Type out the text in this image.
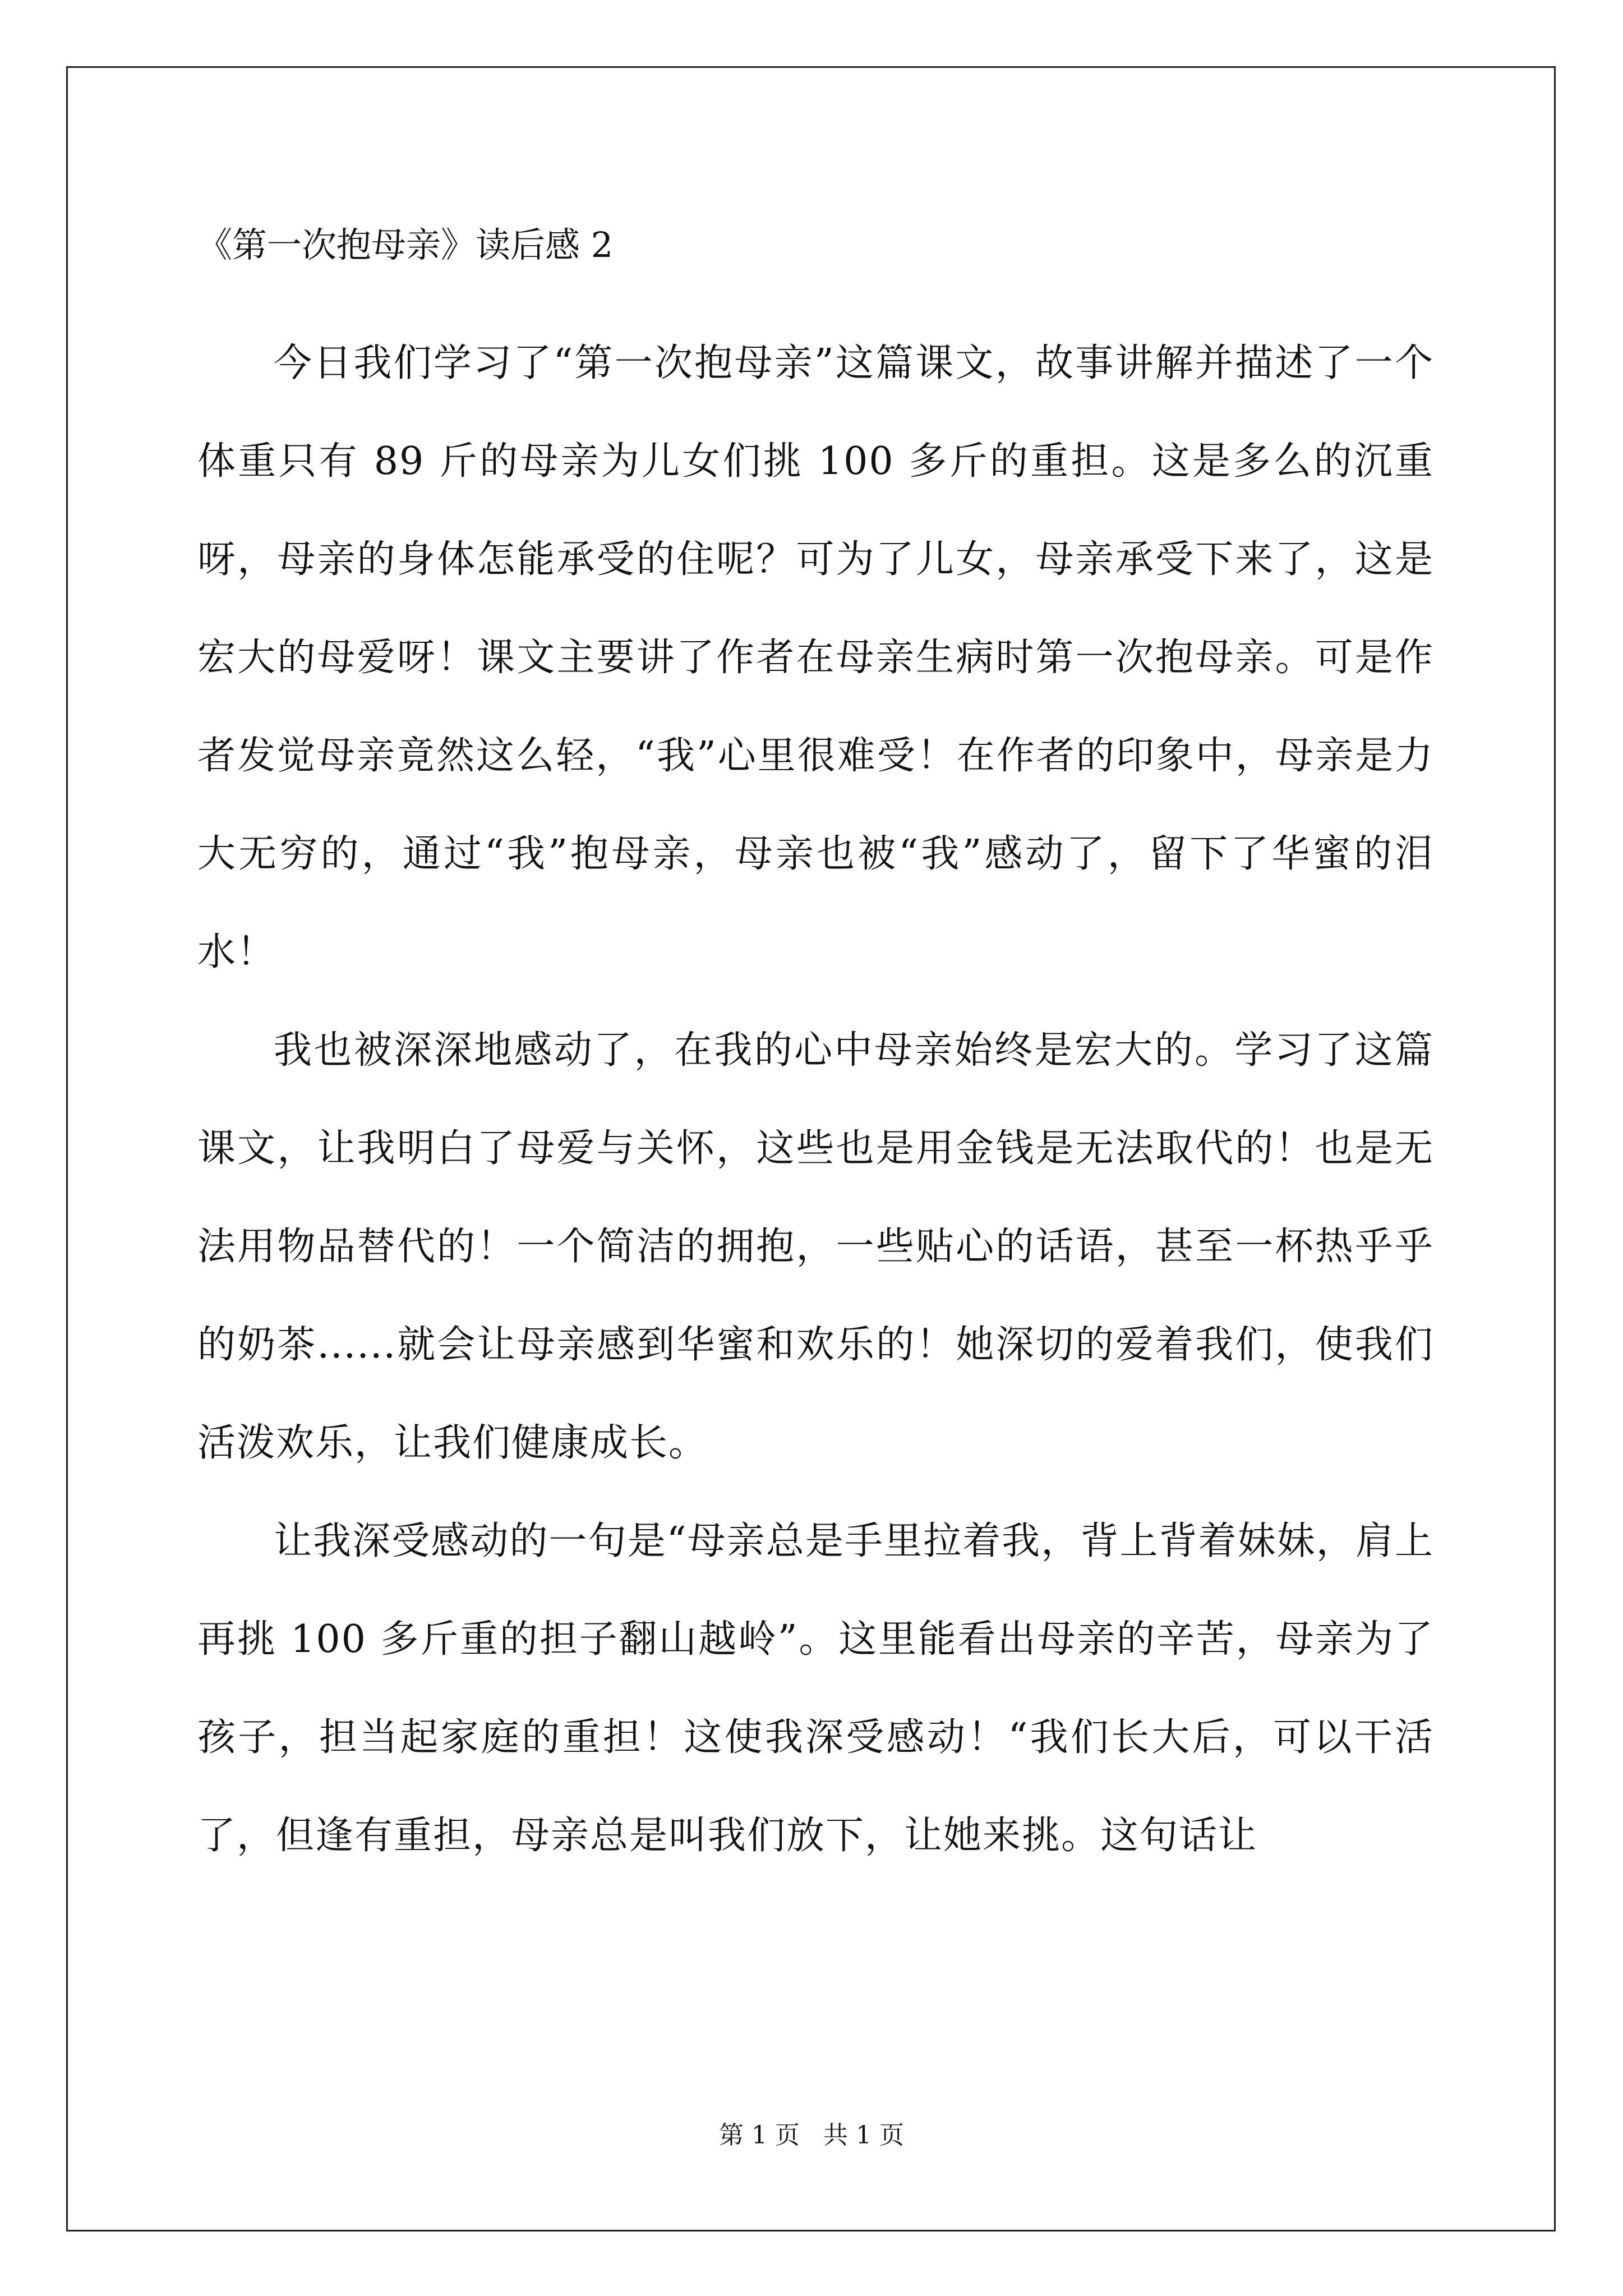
《第一次抱母亲》读后感 2

今日我们学习了“第一次抱母亲”这篇课文，故事讲解并描述了一个体重只有 89 斤的母亲为儿女们挑 100 多斤的重担。这是多么的沉重呀，母亲的身体怎能承受的住呢？可为了儿女，母亲承受下来了，这是宏大的母爱呀！课文主要讲了作者在母亲生病时第一次抱母亲。可是作者发觉母亲竟然这么轻，“我”心里很难受！在作者的印象中，母亲是力大无穷的，通过“我”抱母亲，母亲也被“我”感动了，留下了华蜜的泪水！

我也被深深地感动了，在我的心中母亲始终是宏大的。学习了这篇课文，让我明白了母爱与关怀，这些也是用金钱是无法取代的！也是无法用物品替代的！一个简洁的拥抱，一些贴心的话语，甚至一杯热乎乎的奶茶......就会让母亲感到华蜜和欢乐的！她深切的爱着我们，使我们活泼欢乐，让我们健康成长。

让我深受感动的一句是“母亲总是手里拉着我，背上背着妹妹，肩上再挑 100 多斤重的担子翻山越岭”。这里能看出母亲的辛苦，母亲为了孩子，担当起家庭的重担！这使我深受感动！“我们长大后，可以干活了，但逢有重担，母亲总是叫我们放下，让她来挑。这句话让

第 1 页   共 1 页
